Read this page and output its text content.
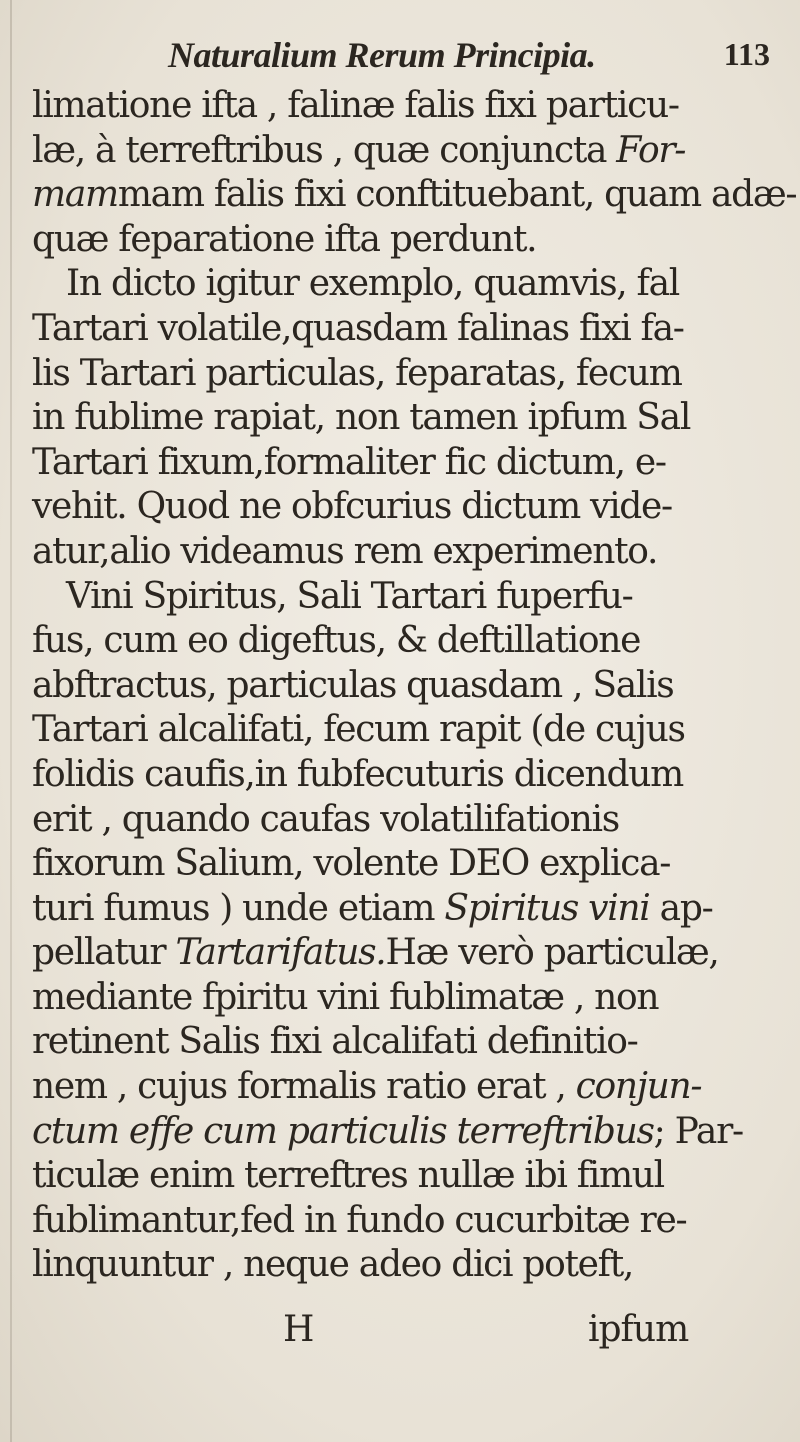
Naturalium Rerum Principia.	113
limatione ifta , falinæ falis fixi particu-
læ, à terreftribus , quæ conjuncta For-
mammam falis fixi conftituebant, quam adæ-
quæ feparatione ifta perdunt.
In dicto igitur exemplo, quamvis, fal
Tartari volatile,quasdam falinas fixi fa-
lis Tartari particulas, feparatas, fecum
in fublime rapiat, non tamen ipfum Sal
Tartari fixum,formaliter fic dictum, e-
vehit. Quod ne obfcurius dictum vide-
atur,alio videamus rem experimento.
Vini Spiritus, Sali Tartari fuperfu-
fus, cum eo digeftus, & deftillatione
abftractus, particulas quasdam , Salis
Tartari alcalifati, fecum rapit (de cujus
folidis caufis,in fubfecuturis dicendum
erit , quando caufas volatilifationis
fixorum Salium, volente DEO explica-
turi fumus ) unde etiam Spiritus vini ap-
pellatur Tartarifatus.Hæ verò particulæ,
mediante fpiritu vini fublimatæ , non
retinent Salis fixi alcalifati definitio-
nem , cujus formalis ratio erat , conjun-
ctum effe cum particulis terreftribus; Par-
ticulæ enim terreftres nullæ ibi fimul
fublimantur,fed in fundo cucurbitæ re-
linquuntur , neque adeo dici poteft,
H	ipfum
